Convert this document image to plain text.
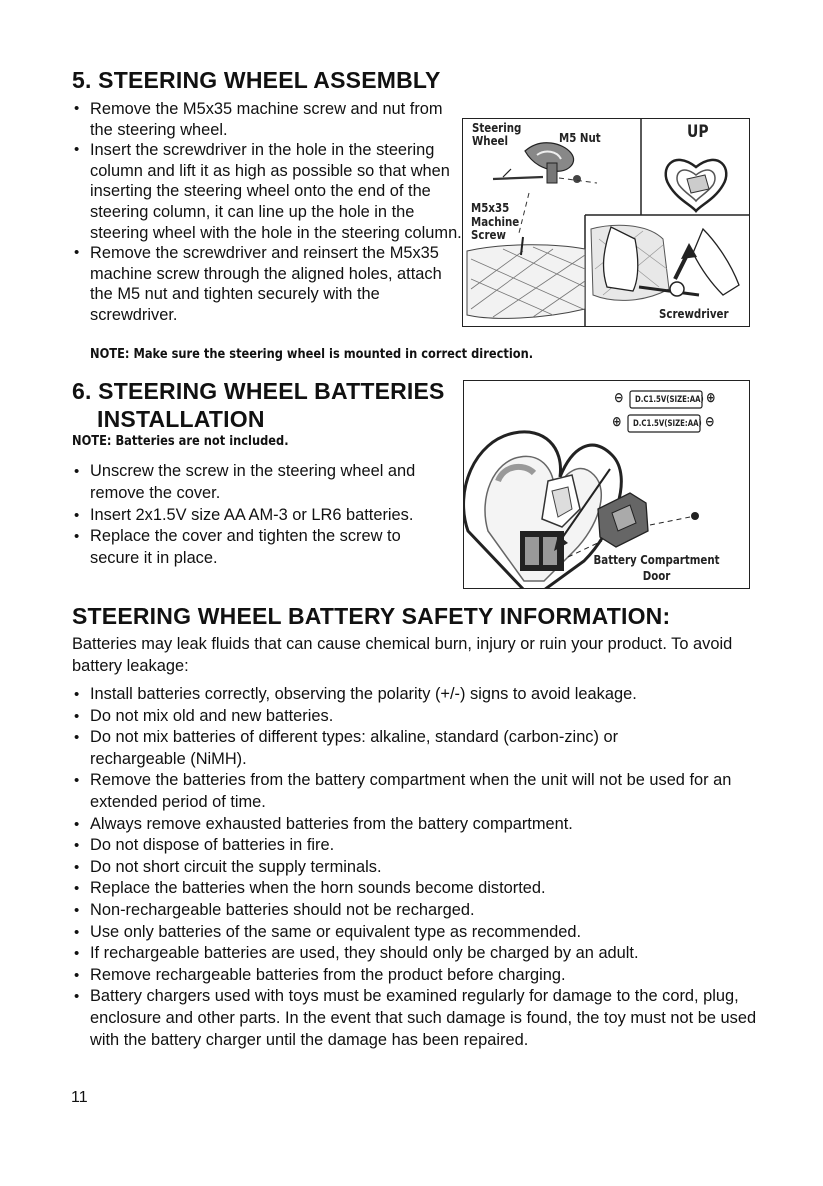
5. STEERING WHEEL ASSEMBLY
• Remove the M5x35 machine screw and nut from the steering wheel.
• Insert the screwdriver in the hole in the steering column and lift it as high as possible so that when inserting the steering wheel onto the end of the steering column, it can line up the hole in the steering wheel with the hole in the steering column.
• Remove the screwdriver and reinsert the M5x35 machine screw through the aligned holes, attach the M5 nut and tighten securely with the screwdriver.
NOTE: Make sure the steering wheel is mounted in correct direction.
Steering
Wheel	M5 Nut	UP
M5x35
Machine
Screw
Screwdriver
6. STEERING WHEEL BATTERIES
INSTALLATION
NOTE: Batteries are not included.
• Unscrew the screw in the steering wheel and remove the cover.
• Insert 2x1.5V size AA AM-3 or LR6 batteries.
• Replace the cover and tighten the screw to secure it in place.
⊖ D.C1.5V(SIZE:AA) ⊕
⊕ D.C1.5V(SIZE:AA) ⊖
Battery Compartment
Door
STEERING WHEEL BATTERY SAFETY INFORMATION:
Batteries may leak fluids that can cause chemical burn, injury or ruin your product. To avoid battery leakage:
• Install batteries correctly, observing the polarity (+/-) signs to avoid leakage.
• Do not mix old and new batteries.
• Do not mix batteries of different types: alkaline, standard (carbon-zinc) or rechargeable (NiMH).
• Remove the batteries from the battery compartment when the unit will not be used for an extended period of time.
• Always remove exhausted batteries from the battery compartment.
• Do not dispose of batteries in fire.
• Do not short circuit the supply terminals.
• Replace the batteries when the horn sounds become distorted.
• Non-rechargeable batteries should not be recharged.
• Use only batteries of the same or equivalent type as recommended.
• If rechargeable batteries are used, they should only be charged by an adult.
• Remove rechargeable batteries from the product before charging.
• Battery chargers used with toys must be examined regularly for damage to the cord, plug, enclosure and other parts. In the event that such damage is found, the toy must not be used with the battery charger until the damage has been repaired.
11
